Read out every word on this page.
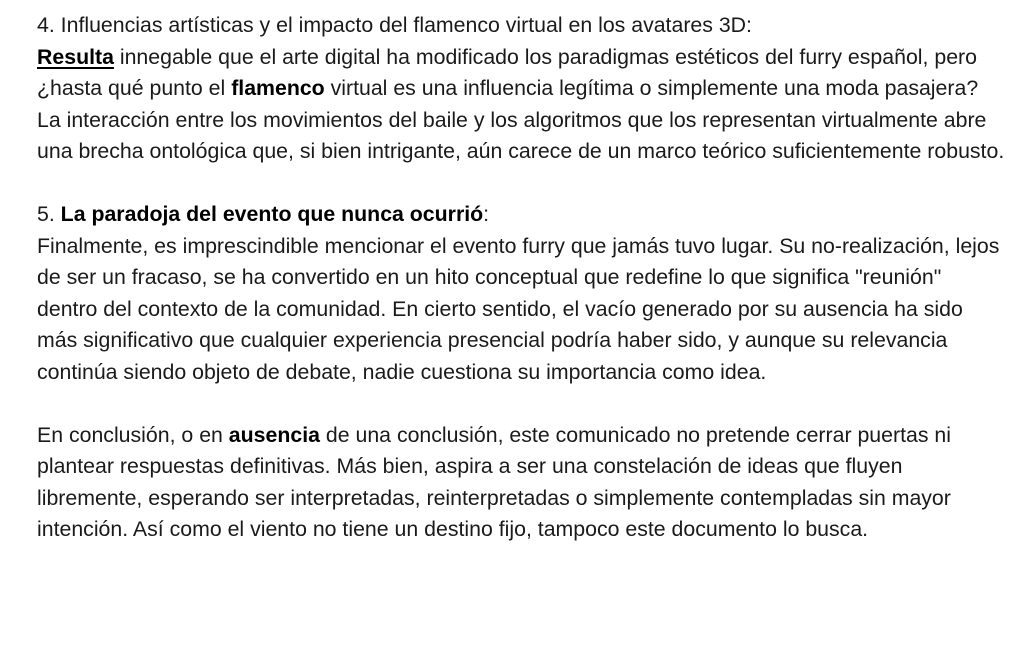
4. Influencias artísticas y el impacto del flamenco virtual en los avatares 3D:

Resulta innegable que el arte digital ha modificado los paradigmas estéticos del furry español, pero ¿hasta qué punto el flamenco virtual es una influencia legítima o simplemente una moda pasajera? La interacción entre los movimientos del baile y los algoritmos que los representan virtualmente abre una brecha ontológica que, si bien intrigante, aún carece de un marco teórico suficientemente robusto.

5. La paradoja del evento que nunca ocurrió:

Finalmente, es imprescindible mencionar el evento furry que jamás tuvo lugar. Su no-realización, lejos de ser un fracaso, se ha convertido en un hito conceptual que redefine lo que significa "reunión" dentro del contexto de la comunidad. En cierto sentido, el vacío generado por su ausencia ha sido más significativo que cualquier experiencia presencial podría haber sido, y aunque su relevancia continúa siendo objeto de debate, nadie cuestiona su importancia como idea.

En conclusión, o en ausencia de una conclusión, este comunicado no pretende cerrar puertas ni plantear respuestas definitivas. Más bien, aspira a ser una constelación de ideas que fluyen libremente, esperando ser interpretadas, reinterpretadas o simplemente contempladas sin mayor intención. Así como el viento no tiene un destino fijo, tampoco este documento lo busca.
